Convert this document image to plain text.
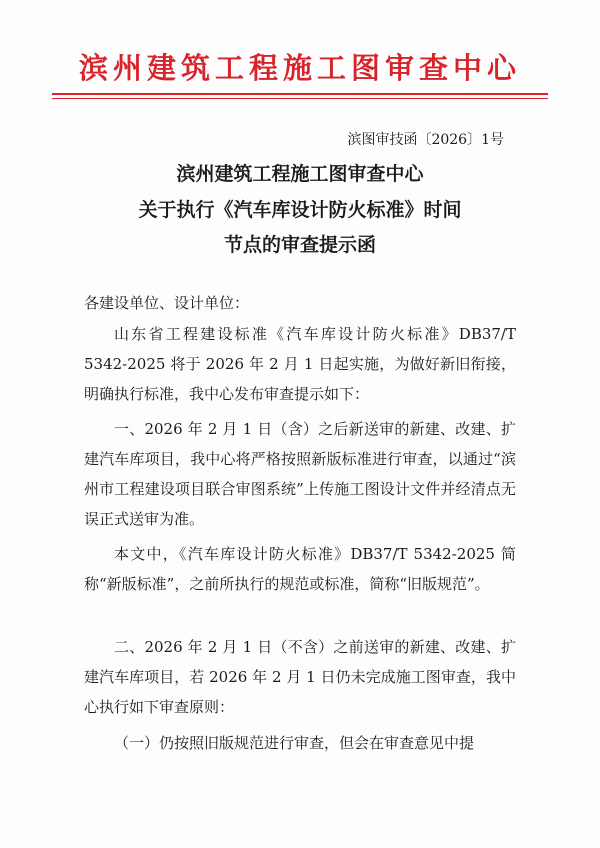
滨州建筑工程施工图审查中心
滨图审技函〔2026〕1号
滨州建筑工程施工图审查中心
关于执行《汽车库设计防火标准》时间
节点的审查提示函
各建设单位、设计单位：
山东省工程建设标准《汽车库设计防火标准》DB37/T 5342-2025 将于 2026 年 2 月 1 日起实施，为做好新旧衔接，明确执行标准，我中心发布审查提示如下：
一、2026 年 2 月 1 日（含）之后新送审的新建、改建、扩建汽车库项目，我中心将严格按照新版标准进行审查，以通过“滨州市工程建设项目联合审图系统”上传施工图设计文件并经清点无误正式送审为准。
本文中，《汽车库设计防火标准》DB37/T 5342-2025 简称“新版标准”，之前所执行的规范或标准，简称“旧版规范”。
二、2026 年 2 月 1 日（不含）之前送审的新建、改建、扩建汽车库项目，若 2026 年 2 月 1 日仍未完成施工图审查，我中心执行如下审查原则：
（一）仍按照旧版规范进行审查，但会在审查意见中提
